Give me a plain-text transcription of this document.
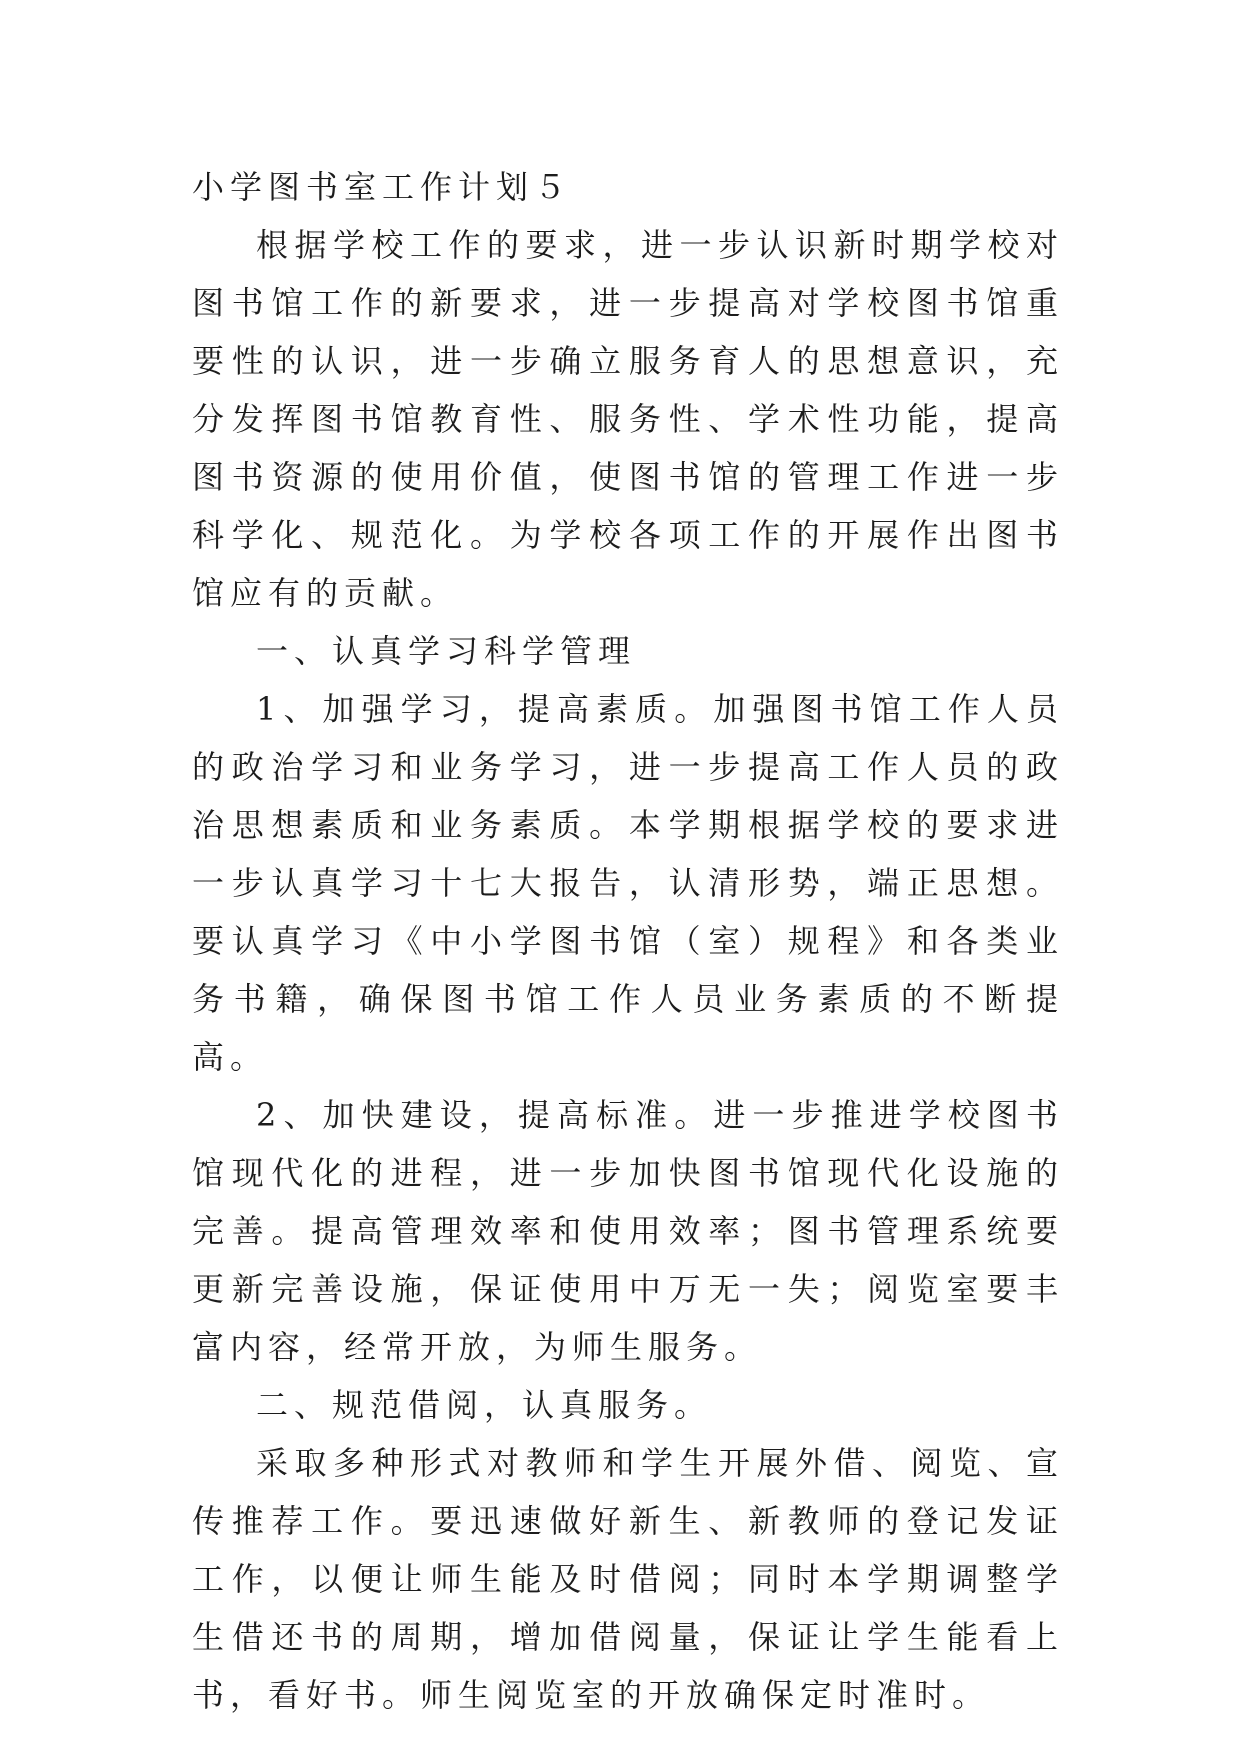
小学图书室工作计划５

根据学校工作的要求，进一步认识新时期学校对图书馆工作的新要求，进一步提高对学校图书馆重要性的认识，进一步确立服务育人的思想意识，充分发挥图书馆教育性、服务性、学术性功能，提高图书资源的使用价值，使图书馆的管理工作进一步科学化、规范化。为学校各项工作的开展作出图书馆应有的贡献。

一、认真学习科学管理

1、加强学习，提高素质。加强图书馆工作人员的政治学习和业务学习，进一步提高工作人员的政治思想素质和业务素质。本学期根据学校的要求进一步认真学习十七大报告，认清形势，端正思想。要认真学习《中小学图书馆（室）规程》和各类业务书籍，确保图书馆工作人员业务素质的不断提高。

2、加快建设，提高标准。进一步推进学校图书馆现代化的进程，进一步加快图书馆现代化设施的完善。提高管理效率和使用效率；图书管理系统要更新完善设施，保证使用中万无一失；阅览室要丰富内容，经常开放，为师生服务。

二、规范借阅，认真服务。

采取多种形式对教师和学生开展外借、阅览、宣传推荐工作。要迅速做好新生、新教师的登记发证工作，以便让师生能及时借阅；同时本学期调整学生借还书的周期，增加借阅量，保证让学生能看上书，看好书。师生阅览室的开放确保定时准时。
